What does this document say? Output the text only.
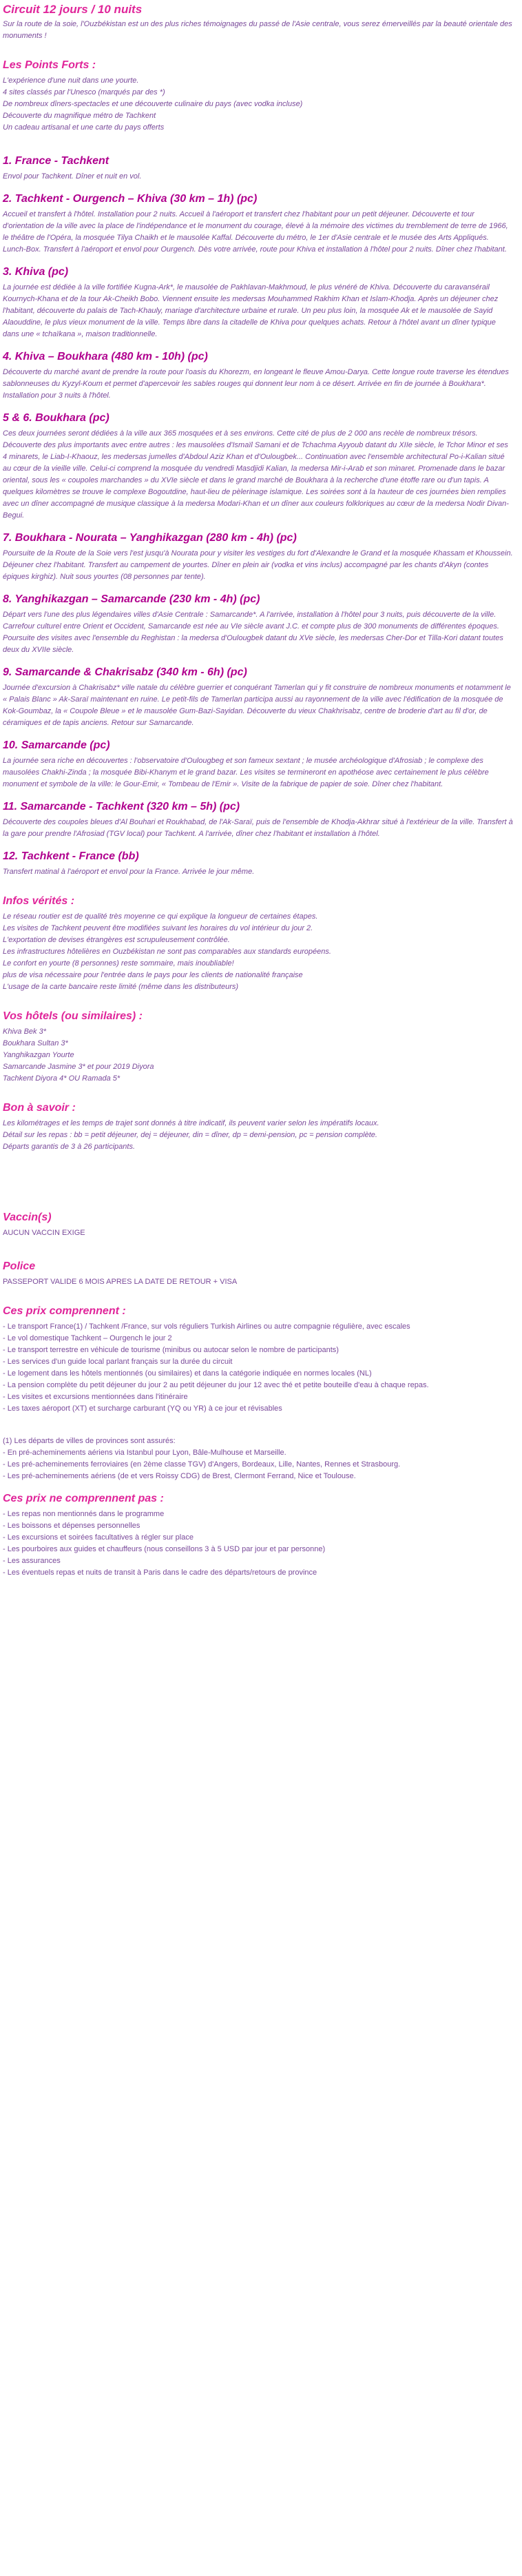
Circuit 12 jours / 10 nuits

Sur la route de la soie, l'Ouzbékistan est un des plus riches témoignages du passé de l'Asie centrale, vous serez émerveillés par la beauté orientale des monuments !

Les Points Forts :
L'expérience d'une nuit dans une yourte.
4 sites classés par l'Unesco (marqués par des *)
De nombreux dîners-spectacles et une découverte culinaire du pays (avec vodka incluse)
Découverte du magnifique métro de Tachkent
Un cadeau artisanal et une carte du pays offerts
1. France - Tachkent

Envol pour Tachkent. Dîner et nuit en vol.

2. Tachkent - Ourgench – Khiva (30 km – 1h) (pc)

Accueil et transfert à l'hôtel. Installation pour 2 nuits. Accueil à l'aéroport et transfert chez l'habitant pour un petit déjeuner. Découverte et tour d'orientation de la ville avec la place de l'indépendance et le monument du courage, élevé à la mémoire des victimes du tremblement de terre de 1966, le théâtre de l'Opéra, la mosquée Tilya Chaikh et le mausolée Kaffal. Découverte du métro, le 1er d'Asie centrale et le musée des Arts Appliqués. Lunch-Box. Transfert à l'aéroport et envol pour Ourgench. Dès votre arrivée, route pour Khiva et installation à l'hôtel pour 2 nuits. Dîner chez l'habitant.

3. Khiva (pc)

La journée est dédiée à la ville fortifiée Kugna-Ark*, le mausolée de Pakhlavan-Makhmoud, le plus vénéré de Khiva. Découverte du caravansérail Kournych-Khana et de la tour Ak-Cheikh Bobo. Viennent ensuite les medersas Mouhammed Rakhim Khan et Islam-Khodja. Après un déjeuner chez l'habitant, découverte du palais de Tach-Khauly, mariage d'architecture urbaine et rurale. Un peu plus loin, la mosquée Ak et le mausolée de Sayid Alaouddine, le plus vieux monument de la ville. Temps libre dans la citadelle de Khiva pour quelques achats. Retour à l'hôtel avant un dîner typique dans une « tchaïkana », maison traditionnelle.

4. Khiva – Boukhara (480 km - 10h) (pc)

Découverte du marché avant de prendre la route pour l'oasis du Khorezm, en longeant le fleuve Amou-Darya. Cette longue route traverse les étendues sablonneuses du Kyzyl-Koum et permet d'apercevoir les sables rouges qui donnent leur nom à ce désert. Arrivée en fin de journée à Boukhara*. Installation pour 3 nuits à l'hôtel.

5 & 6. Boukhara (pc)

Ces deux journées seront dédiées à la ville aux 365 mosquées et à ses environs. Cette cité de plus de 2 000 ans recèle de nombreux trésors. Découverte des plus importants avec entre autres : les mausolées d'Ismaïl Samani et de Tchachma Ayyoub datant du XIIe siècle, le Tchor Minor et ses 4 minarets, le Liab-I-Khaouz, les medersas jumelles d'Abdoul Aziz Khan et d'Oulougbek... Continuation avec l'ensemble architectural Po-i-Kalian situé au cœur de la vieille ville. Celui-ci comprend la mosquée du vendredi Masdjidi Kalian, la medersa Mir-i-Arab et son minaret. Promenade dans le bazar oriental, sous les « coupoles marchandes » du XVIe siècle et dans le grand marché de Boukhara à la recherche d'une étoffe rare ou d'un tapis. A quelques kilomètres se trouve le complexe Bogoutdine, haut-lieu de pèlerinage islamique. Les soirées sont à la hauteur de ces journées bien remplies avec un dîner accompagné de musique classique à la medersa Modari-Khan et un dîner aux couleurs folkloriques au cœur de la medersa Nodir Divan-Begui.

7. Boukhara - Nourata – Yanghikazgan (280 km - 4h) (pc)

Poursuite de la Route de la Soie vers l'est jusqu'à Nourata pour y visiter les vestiges du fort d'Alexandre le Grand et la mosquée Khassam et Khoussein. Déjeuner chez l'habitant. Transfert au campement de yourtes. Dîner en plein air (vodka et vins inclus) accompagné par les chants d'Akyn (contes épiques kirghiz). Nuit sous yourtes (08 personnes par tente).

8. Yanghikazgan – Samarcande (230 km - 4h) (pc)

Départ vers l'une des plus légendaires villes d'Asie Centrale : Samarcande*. A l'arrivée, installation à l'hôtel pour 3 nuits, puis découverte de la ville. Carrefour culturel entre Orient et Occident, Samarcande est née au VIe siècle avant J.C. et compte plus de 300 monuments de différentes époques. Poursuite des visites avec l'ensemble du Reghistan : la medersa d'Oulougbek datant du XVe siècle, les medersas Cher-Dor et Tilla-Kori datant toutes deux du XVIIe siècle.

9. Samarcande & Chakrisabz (340 km - 6h) (pc)

Journée d'excursion à Chakrisabz* ville natale du célèbre guerrier et conquérant Tamerlan qui y fit construire de nombreux monuments et notamment le « Palais Blanc » Ak-Saraï maintenant en ruine. Le petit-fils de Tamerlan participa aussi au rayonnement de la ville avec l'édification de la mosquée de Kok-Goumbaz, la « Coupole Bleue » et le mausolée Gum-Bazi-Sayidan. Découverte du vieux Chakhrisabz, centre de broderie d'art au fil d'or, de céramiques et de tapis anciens. Retour sur Samarcande.

10. Samarcande (pc)

La journée sera riche en découvertes : l'observatoire d'Oulougbeg et son fameux sextant ; le musée archéologique d'Afrosiab ; le complexe des mausolées Chakhi-Zinda ; la mosquée Bibi-Khanym et le grand bazar. Les visites se termineront en apothéose avec certainement le plus célèbre monument et symbole de la ville: le Gour-Emir, « Tombeau de l'Emir ». Visite de la fabrique de papier de soie. Dîner chez l'habitant.

11. Samarcande - Tachkent (320 km – 5h) (pc)

Découverte des coupoles bleues d'Al Bouhari et Roukhabad, de l'Ak-Saraï, puis de l'ensemble de Khodja-Akhrar situé à l'extérieur de la ville. Transfert à la gare pour prendre l'Afrosiad (TGV local) pour Tachkent. A l'arrivée, dîner chez l'habitant et installation à l'hôtel.

12. Tachkent - France (bb)

Transfert matinal à l'aéroport et envol pour la France. Arrivée le jour même.

Infos vérités :
Le réseau routier est de qualité très moyenne ce qui explique la longueur de certaines étapes.
Les visites de Tachkent peuvent être modifiées suivant les horaires du vol intérieur du jour 2.
L'exportation de devises étrangères est scrupuleusement contrôlée.
Les infrastructures hôtelières en Ouzbékistan ne sont pas comparables aux standards européens.
Le confort en yourte (8 personnes) reste sommaire, mais inoubliable!
plus de visa nécessaire pour l'entrée dans le pays pour les clients de nationalité française
L'usage de la carte bancaire reste limité (même dans les distributeurs)
Vos hôtels (ou similaires) :
Khiva Bek 3*
Boukhara Sultan 3*
Yanghikazgan Yourte
Samarcande Jasmine 3* et pour 2019 Diyora
Tachkent Diyora 4* OU Ramada 5*
Bon à savoir :
Les kilométrages et les temps de trajet sont donnés à titre indicatif, ils peuvent varier selon les impératifs locaux.
Détail sur les repas : bb = petit déjeuner, dej = déjeuner, din = dîner, dp = demi-pension, pc = pension complète.
Départs garantis de 3 à 26 participants.
Vaccin(s)

AUCUN VACCIN EXIGE

Police

PASSEPORT VALIDE 6 MOIS APRES LA DATE DE RETOUR + VISA

Ces prix comprennent :
- Le transport France(1) / Tachkent /France, sur vols réguliers Turkish Airlines ou autre compagnie régulière, avec escales
- Le vol domestique Tachkent – Ourgench le jour 2
- Le transport terrestre en véhicule de tourisme (minibus ou autocar selon le nombre de participants)
- Les services d'un guide local parlant français sur la durée du circuit
- Le logement dans les hôtels mentionnés (ou similaires) et dans la catégorie indiquée en normes locales (NL)
- La pension complète du petit déjeuner du jour 2 au petit déjeuner du jour 12 avec thé et petite bouteille d'eau à chaque repas.
- Les visites et excursions mentionnées dans l'itinéraire
- Les taxes aéroport (XT) et surcharge carburant (YQ ou YR) à ce jour et révisables
(1) Les départs de villes de provinces sont assurés:
- En pré-acheminements aériens via Istanbul pour Lyon, Bâle-Mulhouse et Marseille.
- Les pré-acheminements ferroviaires (en 2ème classe TGV) d'Angers, Bordeaux, Lille, Nantes, Rennes et Strasbourg.
- Les pré-acheminements aériens (de et vers Roissy CDG) de Brest, Clermont Ferrand, Nice et Toulouse.
Ces prix ne comprennent pas :
- Les repas non mentionnés dans le programme
- Les boissons et dépenses personnelles
- Les excursions et soirées facultatives à régler sur place
- Les pourboires aux guides et chauffeurs (nous conseillons 3 à 5 USD par jour et par personne)
- Les assurances
- Les éventuels repas et nuits de transit à Paris dans le cadre des départs/retours de province
